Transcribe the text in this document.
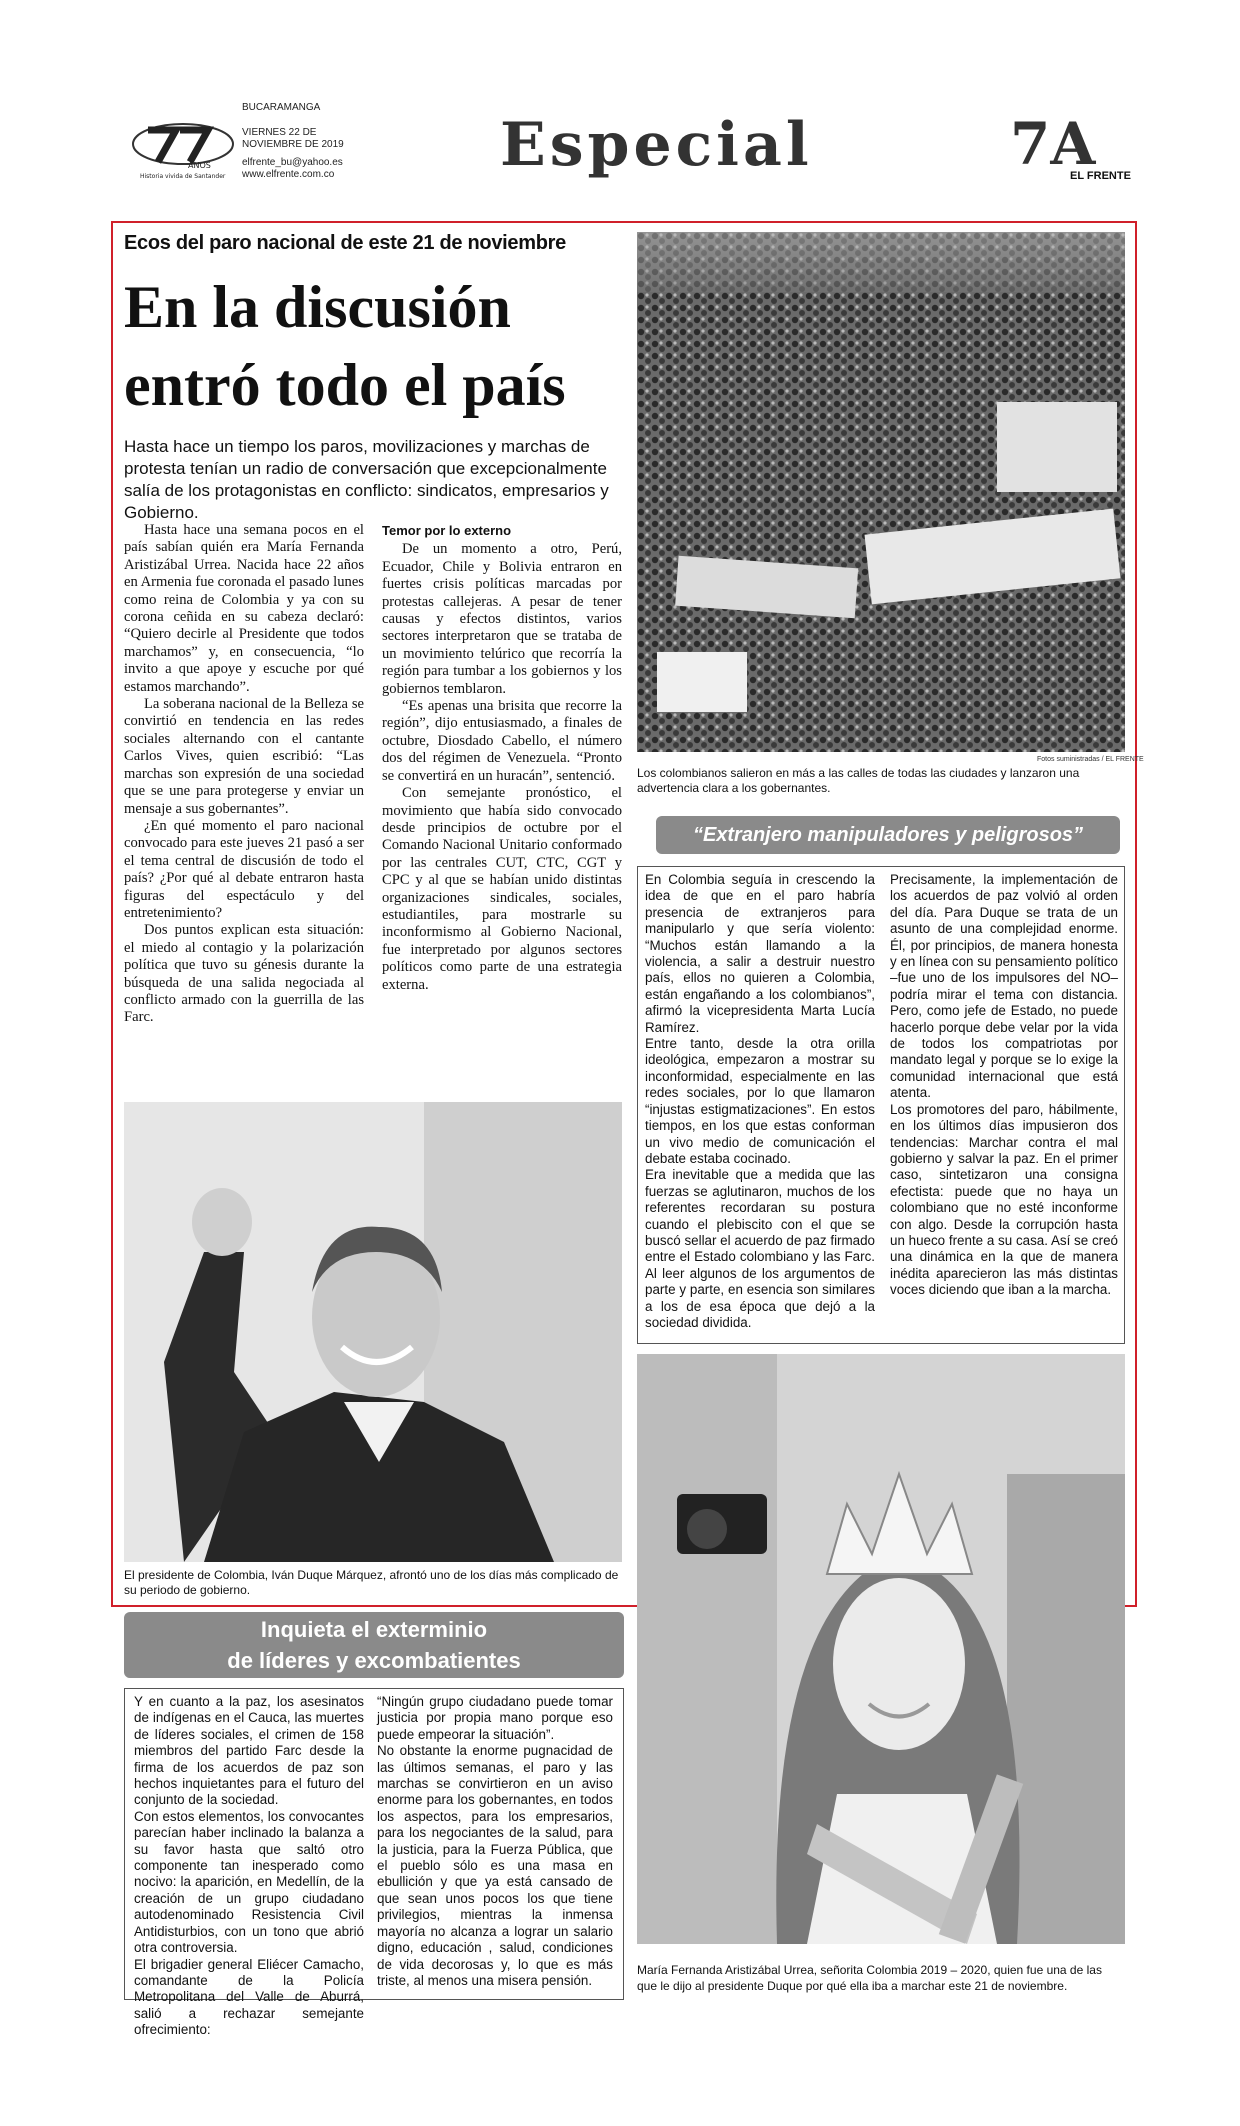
ANOS
Historia vivida de Santander
BUCARAMANGA
VIERNES 22 DE NOVIEMBRE DE 2019
elfrente_bu@yahoo.es
www.elfrente.com.co	Especial	7A
EL FRENTE
Ecos del paro nacional de este 21 de noviembre
En la discusión
entró todo el país
Hasta hace un tiempo los paros, movilizaciones y marchas de protesta tenían un radio de conversación que excepcionalmente salía de los protagonistas en conflicto: sindicatos, empresarios y Gobierno.

Hasta hace una semana pocos en el país sabían quién era María Fernanda Aristizábal Urrea. Nacida hace 22 años en Armenia fue coronada el pasado lunes como reina de Colombia y ya con su corona ceñida en su cabeza declaró: “Quiero decirle al Presidente que todos marchamos” y, en consecuencia, “lo invito a que apoye y escuche por qué estamos marchando”.

La soberana nacional de la Belleza se convirtió en tendencia en las redes sociales alternando con el cantante Carlos Vives, quien escribió: “Las marchas son expresión de una sociedad que se une para protegerse y enviar un mensaje a sus gobernantes”.

¿En qué momento el paro nacional convocado para este jueves 21 pasó a ser el tema central de discusión de todo el país? ¿Por qué al debate entraron hasta figuras del espectáculo y del entretenimiento?

Dos puntos explican esta situación: el miedo al contagio y la polarización política que tuvo su génesis durante la búsqueda de una salida negociada al conflicto armado con la guerrilla de las Farc.

Temor por lo externo

De un momento a otro, Perú, Ecuador, Chile y Bolivia entraron en fuertes crisis políticas marcadas por protestas callejeras. A pesar de tener causas y efectos distintos, varios sectores interpretaron que se trataba de un movimiento telúrico que recorría la región para tumbar a los gobiernos y los gobiernos temblaron.

“Es apenas una brisita que recorre la región”, dijo entusiasmado, a finales de octubre, Diosdado Cabello, el número dos del régimen de Venezuela. “Pronto se convertirá en un huracán”, sentenció.

Con semejante pronóstico, el movimiento que había sido convocado desde principios de octubre por el Comando Nacional Unitario conformado por las centrales CUT, CTC, CGT y CPC y al que se habían unido distintas organizaciones sindicales, sociales, estudiantiles, para mostrarle su inconformismo al Gobierno Nacional, fue interpretado por algunos sectores políticos como parte de una estrategia externa.

Fotos suministradas / EL FRENTE
Los colombianos salieron en más a las calles de todas las ciudades y lanzaron una advertencia clara a los gobernantes.
El presidente de Colombia, Iván Duque Márquez, afrontó uno de los días más complicado de su periodo de gobierno.
“Extranjero manipuladores y peligrosos”

En Colombia seguía in crescendo la idea de que en el paro habría presencia de extranjeros para manipularlo y que sería violento: “Muchos están llamando a la violencia, a salir a destruir nuestro país, ellos no quieren a Colombia, están engañando a los colombianos”, afirmó la vicepresidenta Marta Lucía Ramírez.

Entre tanto, desde la otra orilla ideológica, empezaron a mostrar su inconformidad, especialmente en las redes sociales, por lo que llamaron “injustas estigmatizaciones”. En estos tiempos, en los que estas conforman un vivo medio de comunicación el debate estaba cocinado.

Era inevitable que a medida que las fuerzas se aglutinaron, muchos de los referentes recordaran su postura cuando el plebiscito con el que se buscó sellar el acuerdo de paz firmado entre el Estado colombiano y las Farc. Al leer algunos de los argumentos de parte y parte, en esencia son similares a los de esa época que dejó a la sociedad dividida.

Precisamente, la implementación de los acuerdos de paz volvió al orden del día. Para Duque se trata de un asunto de una complejidad enorme. Él, por principios, de manera honesta y en línea con su pensamiento político –fue uno de los impulsores del NO– podría mirar el tema con distancia. Pero, como jefe de Estado, no puede hacerlo porque debe velar por la vida de todos los compatriotas por mandato legal y porque se lo exige la comunidad internacional que está atenta.

Los promotores del paro, hábilmente, en los últimos días impusieron dos tendencias: Marchar contra el mal gobierno y salvar la paz. En el primer caso, sintetizaron una consigna efectista: puede que no haya un colombiano que no esté inconforme con algo. Desde la corrupción hasta un hueco frente a su casa. Así se creó una dinámica en la que de manera inédita aparecieron las más distintas voces diciendo que iban a la marcha.

María Fernanda Aristizábal Urrea, señorita Colombia 2019 – 2020, quien fue una de las que le dijo al presidente Duque por qué ella iba a marchar este 21 de noviembre.
Inquieta el exterminio
de líderes y excombatientes

Y en cuanto a la paz, los asesinatos de indígenas en el Cauca, las muertes de líderes sociales, el crimen de 158 miembros del partido Farc desde la firma de los acuerdos de paz son hechos inquietantes para el futuro del conjunto de la sociedad.

Con estos elementos, los convocantes parecían haber inclinado la balanza a su favor hasta que saltó otro componente tan inesperado como nocivo: la aparición, en Medellín, de la creación de un grupo ciudadano autodenominado Resistencia Civil Antidisturbios, con un tono que abrió otra controversia.

El brigadier general Eliécer Camacho, comandante de la Policía Metropolitana del Valle de Aburrá, salió a rechazar semejante ofrecimiento:

“Ningún grupo ciudadano puede tomar justicia por propia mano porque eso puede empeorar la situación”.

No obstante la enorme pugnacidad de las últimos semanas, el paro y las marchas se convirtieron en un aviso enorme para los gobernantes, en todos los aspectos, para los empresarios, para los negociantes de la salud, para la justicia, para la Fuerza Pública, que el pueblo sólo es una masa en ebullición y que ya está cansado de que sean unos pocos los que tiene privilegios, mientras la inmensa mayoría no alcanza a lograr un salario digno, educación , salud, condiciones de vida decorosas y, lo que es más triste, al menos una misera pensión.
